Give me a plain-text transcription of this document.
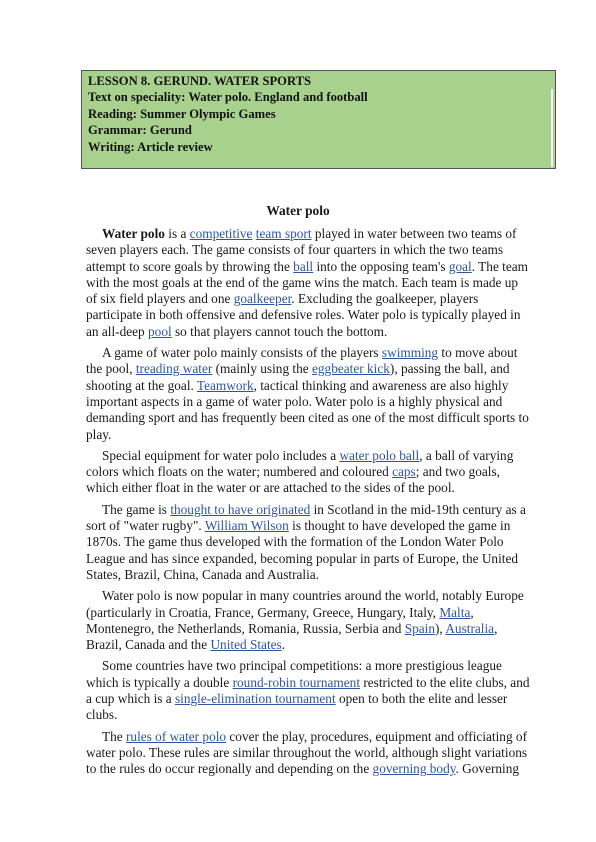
LESSON 8. GERUND. WATER SPORTS
Text on speciality: Water polo. England and football
Reading: Summer Olympic Games
Grammar: Gerund
Writing: Article review
Water polo
Water polo is a competitive team sport played in water between two teams of
seven players each. The game consists of four quarters in which the two teams
attempt to score goals by throwing the ball into the opposing team's goal. The team
with the most goals at the end of the game wins the match. Each team is made up
of six field players and one goalkeeper. Excluding the goalkeeper, players
participate in both offensive and defensive roles. Water polo is typically played in
an all-deep pool so that players cannot touch the bottom.
A game of water polo mainly consists of the players swimming to move about
the pool, treading water (mainly using the eggbeater kick), passing the ball, and
shooting at the goal. Teamwork, tactical thinking and awareness are also highly
important aspects in a game of water polo. Water polo is a highly physical and
demanding sport and has frequently been cited as one of the most difficult sports to
play.
Special equipment for water polo includes a water polo ball, a ball of varying
colors which floats on the water; numbered and coloured caps; and two goals,
which either float in the water or are attached to the sides of the pool.
The game is thought to have originated in Scotland in the mid-19th century as a
sort of "water rugby". William Wilson is thought to have developed the game in
1870s. The game thus developed with the formation of the London Water Polo
League and has since expanded, becoming popular in parts of Europe, the United
States, Brazil, China, Canada and Australia.
Water polo is now popular in many countries around the world, notably Europe
(particularly in Croatia, France, Germany, Greece, Hungary, Italy, Malta,
Montenegro, the Netherlands, Romania, Russia, Serbia and Spain), Australia,
Brazil, Canada and the United States.
Some countries have two principal competitions: a more prestigious league
which is typically a double round-robin tournament restricted to the elite clubs, and
a cup which is a single-elimination tournament open to both the elite and lesser
clubs.
The rules of water polo cover the play, procedures, equipment and officiating of
water polo. These rules are similar throughout the world, although slight variations
to the rules do occur regionally and depending on the governing body. Governing
